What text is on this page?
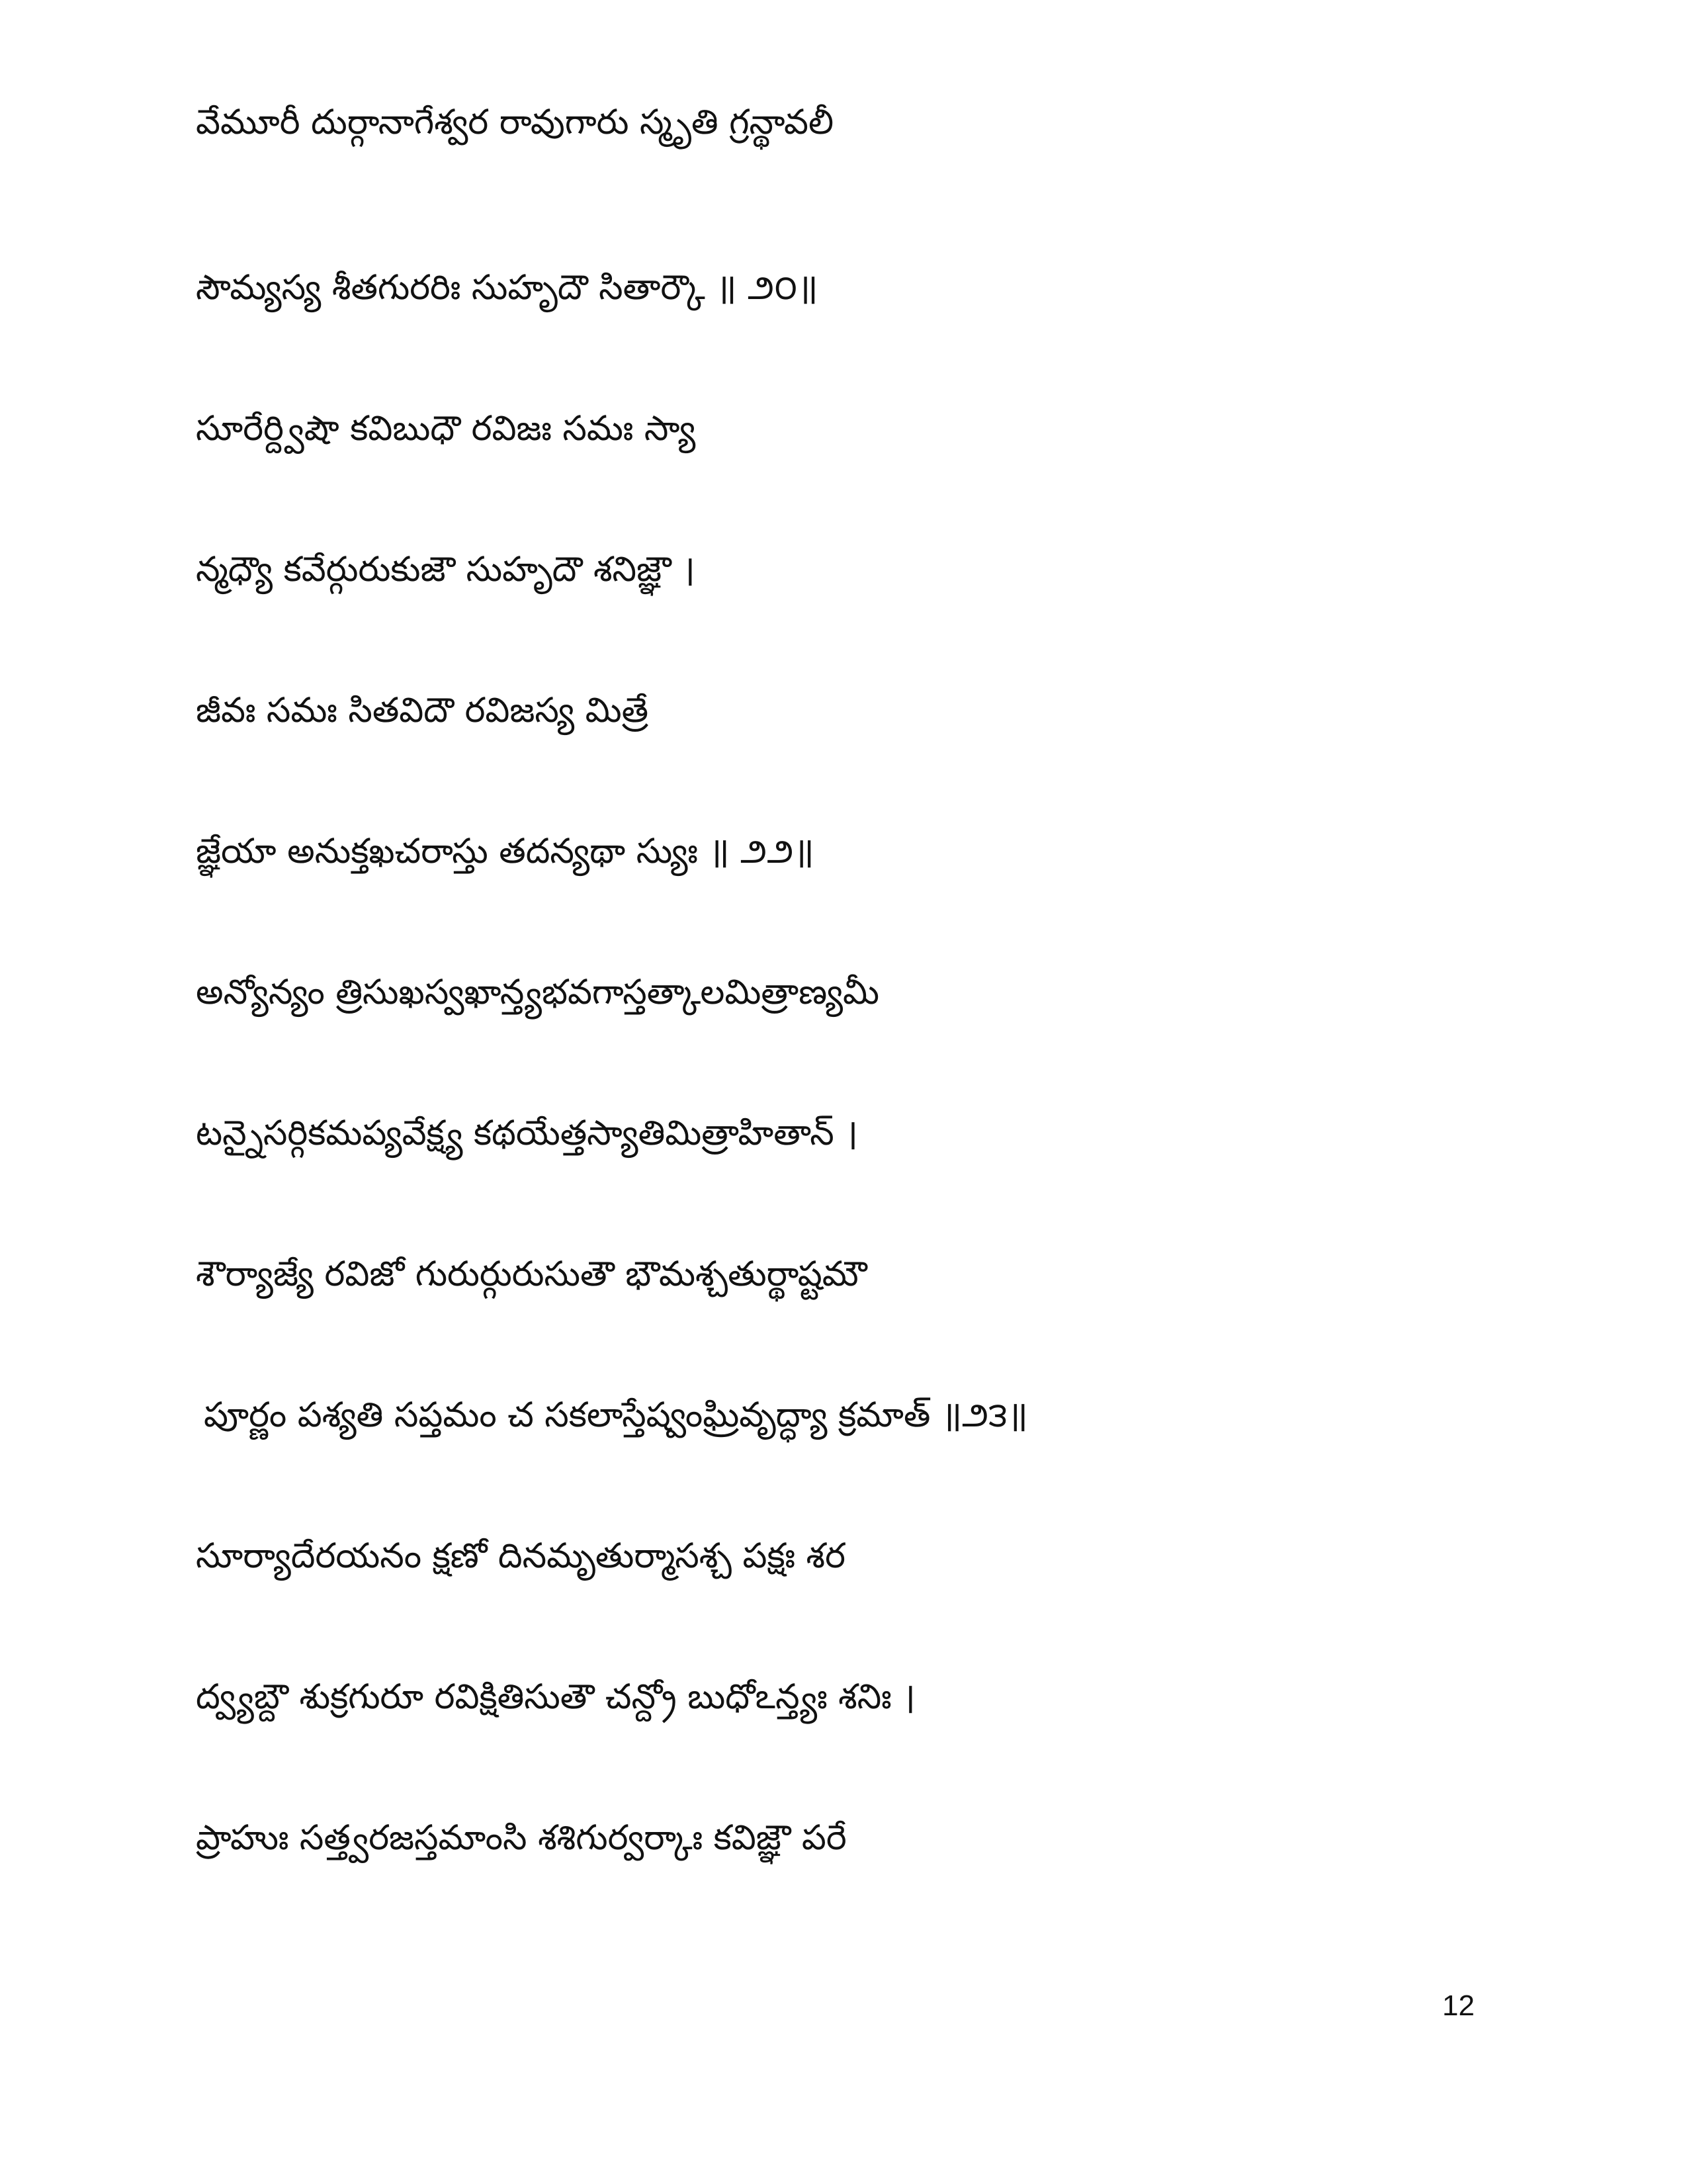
వేమూరీ దుర్గానాగేశ్వర రావుగారు స్మృతి గ్రన్థావలీ
సౌమ్యస్య శీతగురరిః సుహృదౌ సితార్కౌ ॥ ౨౦॥
సూరేర్ద్విషౌ కవిబుధౌ రవిజః సమః స్యా
న్మధ్యౌ కవేర్గురుకుజౌ సుహృదౌ శనిజ్ఞౌ ।
జీవః సమః సితవిదౌ రవిజస్య మిత్రే
జ్ఞేయా అనుక్తఖచరాస్తు తదన్యథా స్యుః ॥ ౨౨॥
అన్యోన్యం త్రిసుఖస్వఖాన్త్యభవగాస్తత్కాలమిత్రాణ్యమీ
టన్నైసర్గికమప్యవేక్ష్య కథయేత్తస్యాతిమిత్రాహితాన్ ।
శౌర్యాజ్యే రవిజో గురుర్గురుసుతౌ భౌమశ్చతుర్థాష్టమౌ
పూర్ణం పశ్యతి సప్తమం చ సకలాస్తేష్వంఘ్రివృద్ధ్యా క్రమాత్ ॥౨౩॥
సూర్యాదేరయనం క్షణో దినమృతుర్మాసశ్చ పక్షః శర
ద్వ్యబ్దౌ శుక్రగురూ రవిక్షితిసుతౌ చన్ద్రో బుధోఽన్త్యః శనిః ।
ప్రాహుః సత్త్వరజస్తమాంసి శశిగుర్వర్కాః కవిజ్ఞౌ పరే
12
